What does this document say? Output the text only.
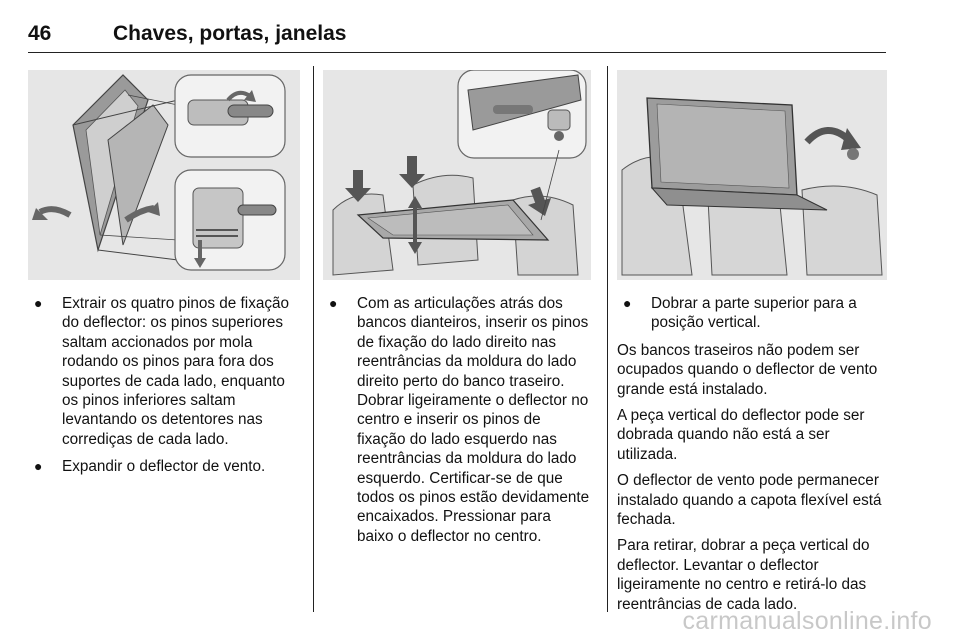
46	Chaves, portas, janelas
● Extrair os quatro pinos de fixação do deflector: os pinos superiores saltam accionados por mola rodando os pinos para fora dos suportes de cada lado, enquanto os pinos inferiores saltam levantando os detentores nas corrediças de cada lado.
● Expandir o deflector de vento.
● Com as articulações atrás dos bancos dianteiros, inserir os pinos de fixação do lado direito nas reentrâncias da moldura do lado direito perto do banco traseiro. Dobrar ligeiramente o deflector no centro e inserir os pinos de fixação do lado esquerdo nas reentrâncias da moldura do lado esquerdo. Certificar-se de que todos os pinos estão devidamente encaixados. Pressionar para baixo o deflector no centro.
● Dobrar a parte superior para a posição vertical.

Os bancos traseiros não podem ser ocupados quando o deflector de vento grande está instalado.

A peça vertical do deflector pode ser dobrada quando não está a ser utilizada.

O deflector de vento pode permanecer instalado quando a capota flexível está fechada.

Para retirar, dobrar a peça vertical do deflector. Levantar o deflector ligeiramente no centro e retirá-lo das reentrâncias de cada lado.

carmanualsonline.info
